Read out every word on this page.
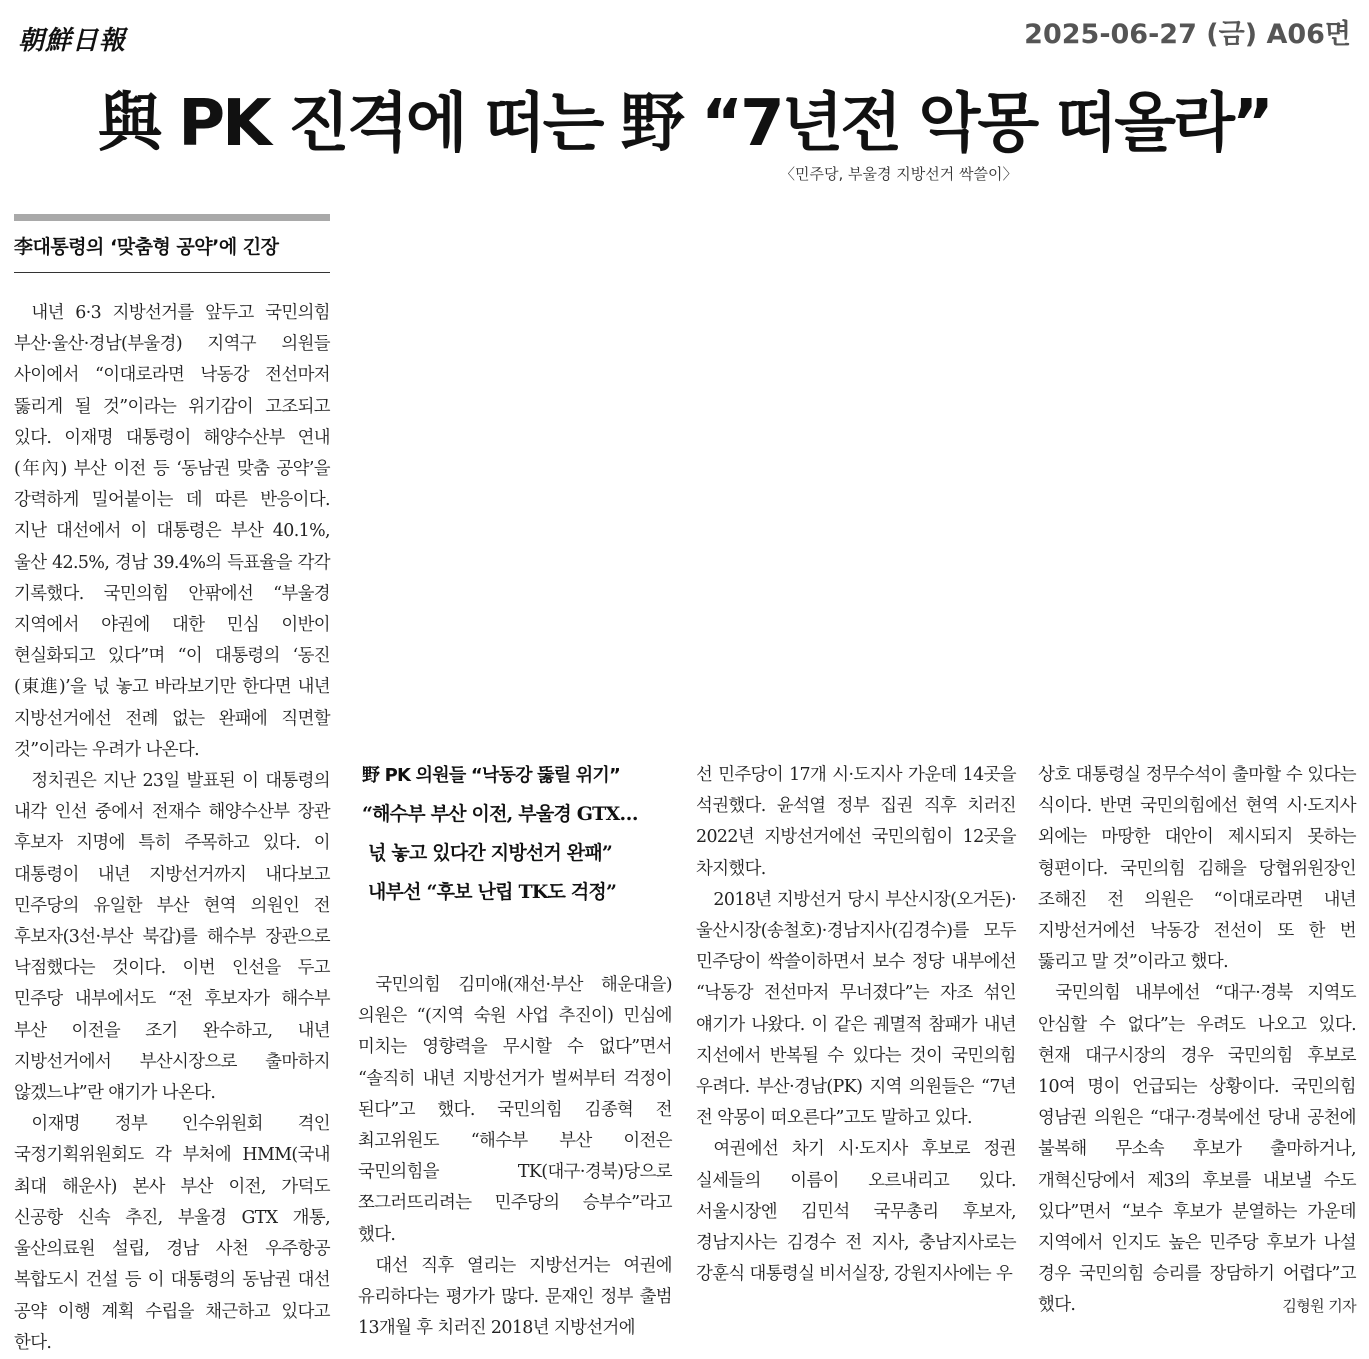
朝鮮日報	2025-06-27 (금) A06면
與 PK 진격에 떠는 野 “7년전 악몽 떠올라”
〈민주당, 부울경 지방선거 싹쓸이〉
李대통령의 ‘맞춤형 공약’에 긴장

내년 6·3 지방선거를 앞두고 국민의힘 부산·울산·경남(부울경) 지역구 의원들 사이에서 “이대로라면 낙동강 전선마저 뚫리게 될 것”이라는 위기감이 고조되고 있다. 이재명 대통령이 해양수산부 연내(年內) 부산 이전 등 ‘동남권 맞춤 공약’을 강력하게 밀어붙이는 데 따른 반응이다. 지난 대선에서 이 대통령은 부산 40.1%, 울산 42.5%, 경남 39.4%의 득표율을 각각 기록했다. 국민의힘 안팎에선 “부울경 지역에서 야권에 대한 민심 이반이 현실화되고 있다”며 “이 대통령의 ‘동진(東進)’을 넋 놓고 바라보기만 한다면 내년 지방선거에선 전례 없는 완패에 직면할 것”이라는 우려가 나온다.

정치권은 지난 23일 발표된 이 대통령의 내각 인선 중에서 전재수 해양수산부 장관 후보자 지명에 특히 주목하고 있다. 이 대통령이 내년 지방선거까지 내다보고 민주당의 유일한 부산 현역 의원인 전 후보자(3선·부산 북갑)를 해수부 장관으로 낙점했다는 것이다. 이번 인선을 두고 민주당 내부에서도 “전 후보자가 해수부 부산 이전을 조기 완수하고, 내년 지방선거에서 부산시장으로 출마하지 않겠느냐”란 얘기가 나온다.

이재명 정부 인수위원회 격인 국정기획위원회도 각 부처에 HMM(국내 최대 해운사) 본사 부산 이전, 가덕도 신공항 신속 추진, 부울경 GTX 개통, 울산의료원 설립, 경남 사천 우주항공 복합도시 건설 등 이 대통령의 동남권 대선 공약 이행 계획 수립을 채근하고 있다고 한다.

野 PK 의원들 “낙동강 뚫릴 위기”
“해수부 부산 이전, 부울경 GTX…
넋 놓고 있다간 지방선거 완패”
내부선 “후보 난립 TK도 걱정”

국민의힘 김미애(재선·부산 해운대을) 의원은 “(지역 숙원 사업 추진이) 민심에 미치는 영향력을 무시할 수 없다”면서 “솔직히 내년 지방선거가 벌써부터 걱정이 된다”고 했다. 국민의힘 김종혁 전 최고위원도 “해수부 부산 이전은 국민의힘을 TK(대구·경북)당으로 쪼그러뜨리려는 민주당의 승부수”라고 했다.

대선 직후 열리는 지방선거는 여권에 유리하다는 평가가 많다. 문재인 정부 출범 13개월 후 치러진 2018년 지방선거에

선 민주당이 17개 시·도지사 가운데 14곳을 석권했다. 윤석열 정부 집권 직후 치러진 2022년 지방선거에선 국민의힘이 12곳을 차지했다.

2018년 지방선거 당시 부산시장(오거돈)·울산시장(송철호)·경남지사(김경수)를 모두 민주당이 싹쓸이하면서 보수 정당 내부에선 “낙동강 전선마저 무너졌다”는 자조 섞인 얘기가 나왔다. 이 같은 궤멸적 참패가 내년 지선에서 반복될 수 있다는 것이 국민의힘 우려다. 부산·경남(PK) 지역 의원들은 “7년 전 악몽이 떠오른다”고도 말하고 있다.

여권에선 차기 시·도지사 후보로 정권 실세들의 이름이 오르내리고 있다. 서울시장엔 김민석 국무총리 후보자, 경남지사는 김경수 전 지사, 충남지사로는 강훈식 대통령실 비서실장, 강원지사에는 우

상호 대통령실 정무수석이 출마할 수 있다는 식이다. 반면 국민의힘에선 현역 시·도지사 외에는 마땅한 대안이 제시되지 못하는 형편이다. 국민의힘 김해을 당협위원장인 조해진 전 의원은 “이대로라면 내년 지방선거에선 낙동강 전선이 또 한 번 뚫리고 말 것”이라고 했다.

국민의힘 내부에선 “대구·경북 지역도 안심할 수 없다”는 우려도 나오고 있다. 현재 대구시장의 경우 국민의힘 후보로 10여 명이 언급되는 상황이다. 국민의힘 영남권 의원은 “대구·경북에선 당내 공천에 불복해 무소속 후보가 출마하거나, 개혁신당에서 제3의 후보를 내보낼 수도 있다”면서 “보수 후보가 분열하는 가운데 지역에서 인지도 높은 민주당 후보가 나설 경우 국민의힘 승리를 장담하기 어렵다”고 했다.	김형원 기자
